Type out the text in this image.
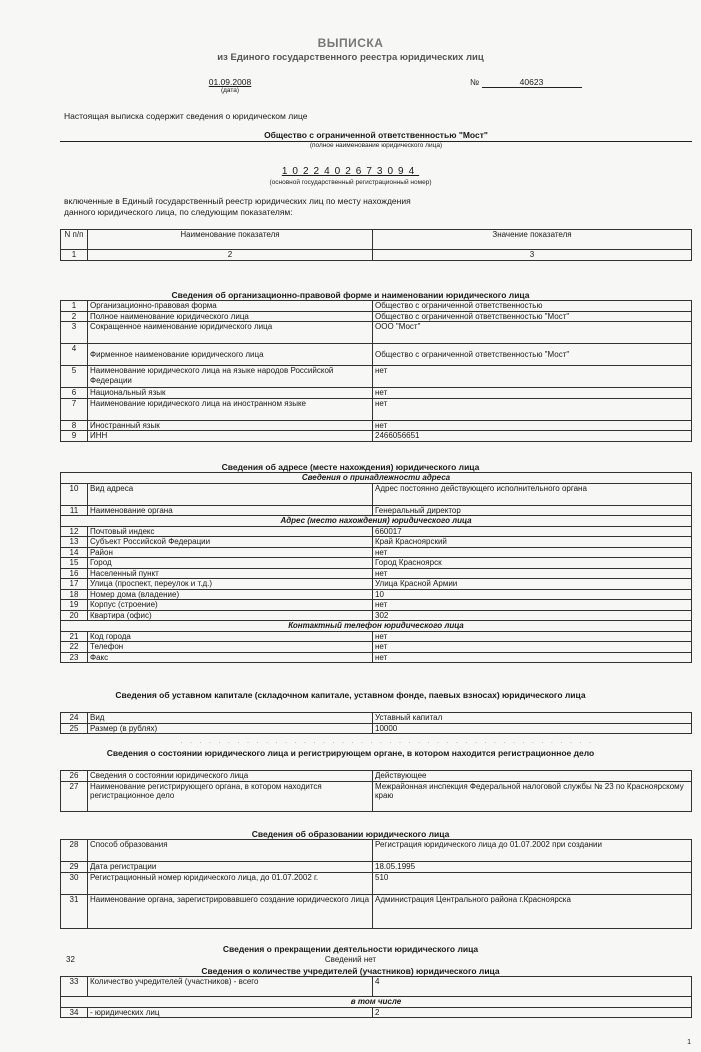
ВЫПИСКА
из Единого государственного реестра юридических лиц
01.09.2008
(дата)
№	40623
Настоящая выписка содержит сведения о юридическом лице
Общество с ограниченной ответственностью "Мост"
(полное наименование юридического лица)
1022402673094
(основной государственный регистрационный номер)
включенные в Единый государственный реестр юридических лиц по месту нахождения данного юридического лица, по следующим показателям:
N п/п	Наименование показателя	Значение показателя
1	2	3
Сведения об организационно-правовой форме и наименовании юридического лица
1	Организационно-правовая форма	Общество с ограниченной ответственностью
2	Полное наименование юридического лица	Общество с ограниченной ответственностью "Мост"
3	Сокращенное наименование юридического лица	ООО "Мост"
4	Фирменное наименование юридического лица	Общество с ограниченной ответственностью "Мост"
5	Наименование юридического лица на языке народов Российской Федерации	нет
6	Национальный язык	нет
7	Наименование юридического лица на иностранном языке	нет
8	Иностранный язык	нет
9	ИНН	2466056651
Сведения об адресе (месте нахождения) юридического лица
Сведения о принадлежности адреса		
10	Вид адреса	Адрес постоянно действующего исполнительного органа
11	Наименование органа	Генеральный директор
Адрес (место нахождения) юридического лица		
12	Почтовый индекс	660017
13	Субъект Российской Федерации	Край Красноярский
14	Район	нет
15	Город	Город Красноярск
16	Населенный пункт	нет
17	Улица (проспект, переулок и т.д.)	Улица Красной Армии
18	Номер дома (владение)	10
19	Корпус (строение)	нет
20	Квартира (офис)	302
Контактный телефон юридического лица		
21	Код города	нет
22	Телефон	нет
23	Факс	нет
Сведения об уставном капитале (складочном капитале, уставном фонде, паевых взносах) юридического лица
24	Вид	Уставный капитал
25	Размер (в рублях)	10000
· · · · · · · · · · · · · · · · · · · · · · · · · · · · · · · · · · · · · · · · · · · ·
Сведения о состоянии юридического лица и регистрирующем органе, в котором находится регистрационное дело
26	Сведения о состоянии юридического лица	Действующее
27	Наименование регистрирующего органа, в котором находится регистрационное дело	Межрайонная инспекция Федеральной налоговой службы № 23 по Красноярскому краю
Сведения об образовании юридического лица
28	Способ образования	Регистрация юридического лица до 01.07.2002 при создании
29	Дата регистрации	18.05.1995
30	Регистрационный номер юридического лица, до 01.07.2002 г.	510
31	Наименование органа, зарегистрировавшего создание юридического лица	Администрация Центрального района г.Красноярска
Сведения о прекращении деятельности юридического лица
32	Сведений нет
Сведения о количестве учредителей (участников) юридического лица
33	Количество учредителей (участников) - всего	4
в том числе		
34	- юридических лиц	2
1
